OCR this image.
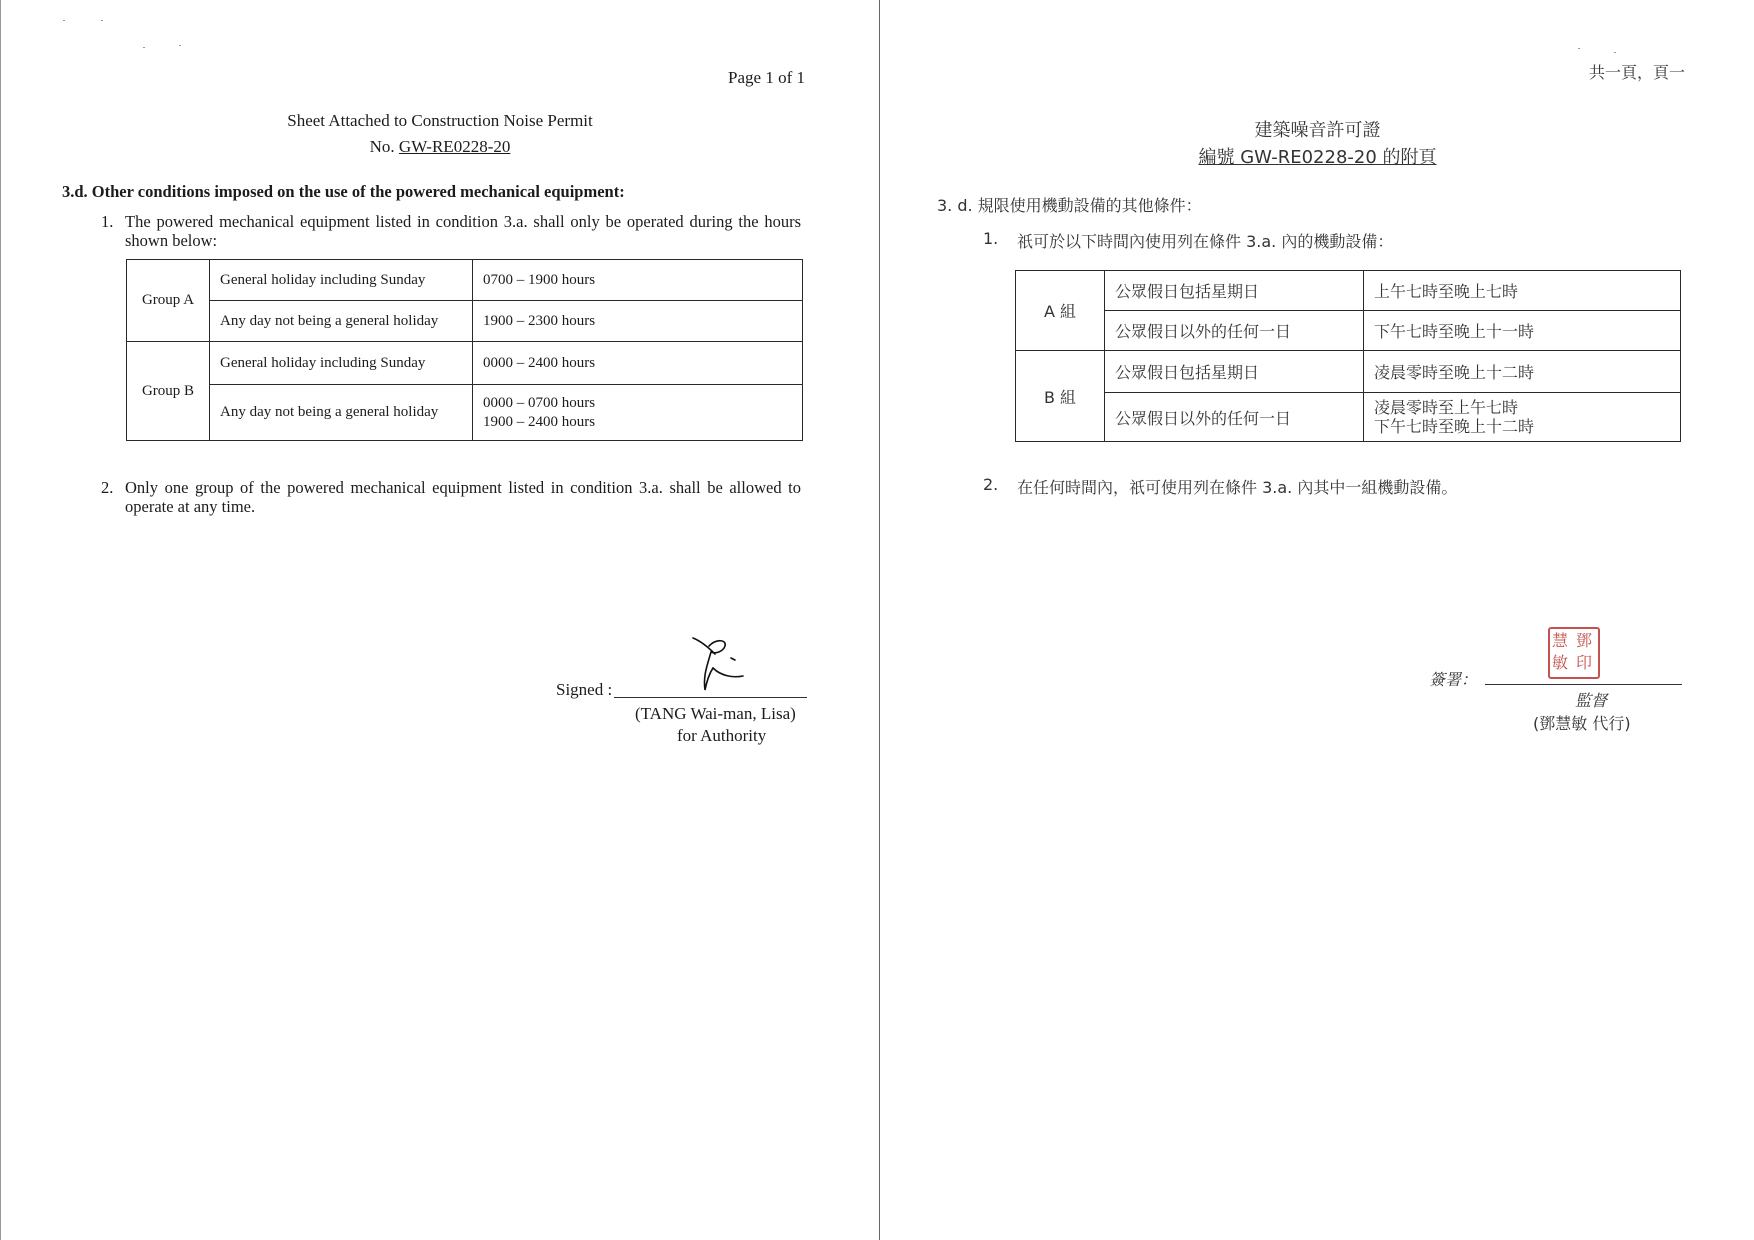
Page 1 of 1
Sheet Attached to Construction Noise Permit
No. GW-RE0228-20
3.d. Other conditions imposed on the use of the powered mechanical equipment:
1. The powered mechanical equipment listed in condition 3.a. shall only be operated during the hours shown below:
Group A	General holiday including Sunday	0700 – 1900 hours
	Any day not being a general holiday	1900 – 2300 hours
Group B	General holiday including Sunday	0000 – 2400 hours
	Any day not being a general holiday	0000 – 0700 hours
1900 – 2400 hours
2. Only one group of the powered mechanical equipment listed in condition 3.a. shall be allowed to operate at any time.
Signed :
(TANG Wai-man, Lisa)
for Authority
共一頁，頁一
建築噪音許可證
編號 GW-RE0228-20 的附頁
3. d. 規限使用機動設備的其他條件：
1. 祇可於以下時間內使用列在條件 3.a. 內的機動設備：
A 組	公眾假日包括星期日	上午七時至晚上七時
	公眾假日以外的任何一日	下午七時至晚上十一時
B 組	公眾假日包括星期日	凌晨零時至晚上十二時
	公眾假日以外的任何一日	凌晨零時至上午七時
下午七時至晚上十二時
2. 在任何時間內，祇可使用列在條件 3.a. 內其中一組機動設備。
慧 鄧
敏 印
簽署：
監督
(鄧慧敏 代行)
